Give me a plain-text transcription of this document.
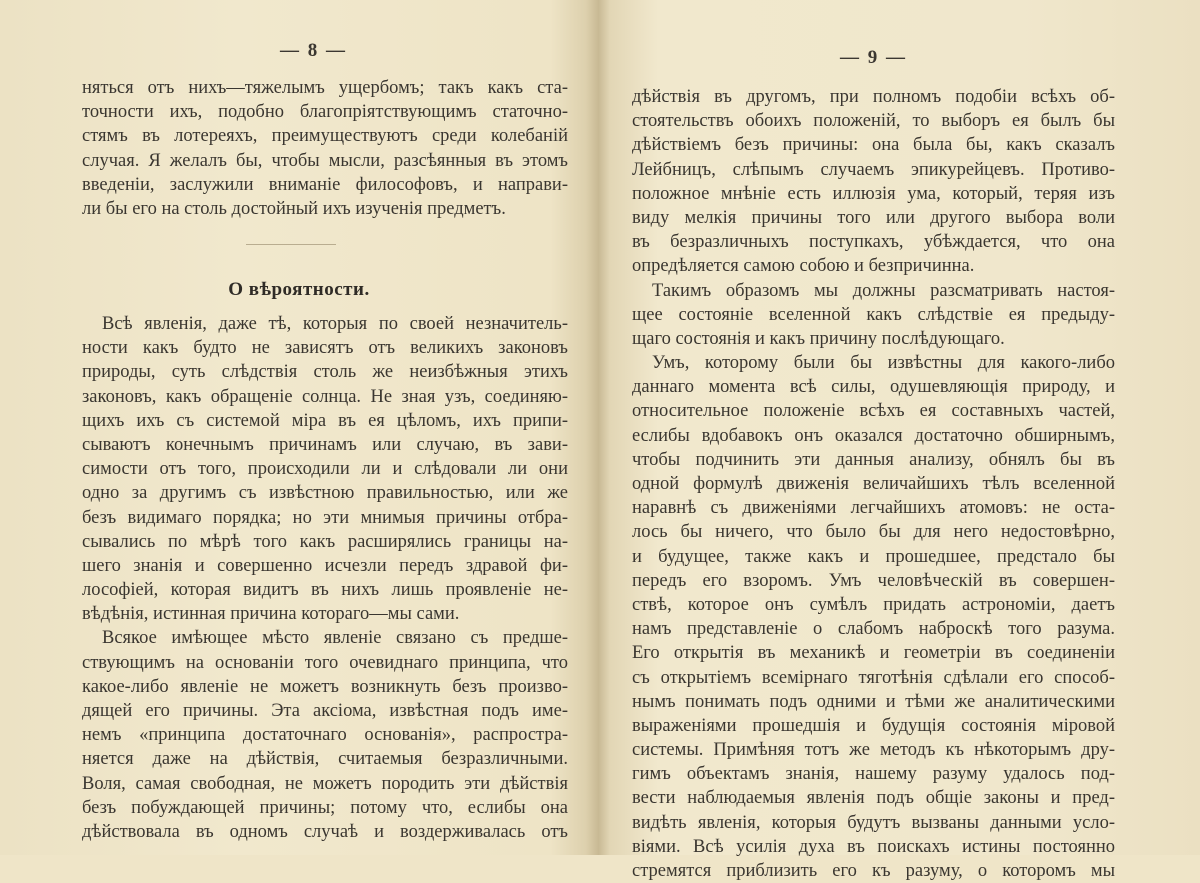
— 8 —
няться отъ нихъ—тяжелымъ ущербомъ; такъ какъ ста-
точности ихъ, подобно благопріятствующимъ статочно-
стямъ въ лотереяхъ, преимуществуютъ среди колебаній
случая. Я желалъ бы, чтобы мысли, разсѣянныя въ этомъ
введеніи, заслужили вниманіе философовъ, и направи-
ли бы его на столь достойный ихъ изученія предметъ.
О вѣроятности.
Всѣ явленія, даже тѣ, которыя по своей незначитель-
ности какъ будто не зависятъ отъ великихъ законовъ
природы, суть слѣдствія столь же неизбѣжныя этихъ
законовъ, какъ обращеніе солнца. Не зная узъ, соединяю-
щихъ ихъ съ системой міра въ ея цѣломъ, ихъ припи-
сываютъ конечнымъ причинамъ или случаю, въ зави-
симости отъ того, происходили ли и слѣдовали ли они
одно за другимъ съ извѣстною правильностью, или же
безъ видимаго порядка; но эти мнимыя причины отбра-
сывались по мѣрѣ того какъ расширялись границы на-
шего знанія и совершенно исчезли передъ здравой фи-
лософіей, которая видитъ въ нихъ лишь проявленіе не-
вѣдѣнія, истинная причина котораго—мы сами.
Всякое имѣющее мѣсто явленіе связано съ предше-
ствующимъ на основаніи того очевиднаго принципа, что
какое-либо явленіе не можетъ возникнуть безъ произво-
дящей его причины. Эта аксіома, извѣстная подъ име-
немъ «принципа достаточнаго основанія», распростра-
няется даже на дѣйствія, считаемыя безразличными.
Воля, самая свободная, не можетъ породить эти дѣйствія
безъ побуждающей причины; потому что, еслибы она
дѣйствовала въ одномъ случаѣ и воздерживалась отъ
— 9 —
дѣйствія въ другомъ, при полномъ подобіи всѣхъ об-
стоятельствъ обоихъ положеній, то выборъ ея былъ бы
дѣйствіемъ безъ причины: она была бы, какъ сказалъ
Лейбницъ, слѣпымъ случаемъ эпикурейцевъ. Противо-
положное мнѣніе есть иллюзія ума, который, теряя изъ
виду мелкія причины того или другого выбора воли
въ безразличныхъ поступкахъ, убѣждается, что она
опредѣляется самою собою и безпричинна.
Такимъ образомъ мы должны разсматривать настоя-
щее состояніе вселенной какъ слѣдствіе ея предыду-
щаго состоянія и какъ причину послѣдующаго.
Умъ, которому были бы извѣстны для какого-либо
даннаго момента всѣ силы, одушевляющія природу, и
относительное положеніе всѣхъ ея составныхъ частей,
еслибы вдобавокъ онъ оказался достаточно обширнымъ,
чтобы подчинить эти данныя анализу, обнялъ бы въ
одной формулѣ движенія величайшихъ тѣлъ вселенной
наравнѣ съ движеніями легчайшихъ атомовъ: не оста-
лось бы ничего, что было бы для него недостовѣрно,
и будущее, также какъ и прошедшее, предстало бы
передъ его взоромъ. Умъ человѣческій въ совершен-
ствѣ, которое онъ сумѣлъ придать астрономіи, даетъ
намъ представленіе о слабомъ наброскѣ того разума.
Его открытія въ механикѣ и геометріи въ соединеніи
съ открытіемъ всемірнаго тяготѣнія сдѣлали его способ-
нымъ понимать подъ одними и тѣми же аналитическими
выраженіями прошедшія и будущія состоянія міровой
системы. Примѣняя тотъ же методъ къ нѣкоторымъ дру-
гимъ объектамъ знанія, нашему разуму удалось под-
вести наблюдаемыя явленія подъ общіе законы и пред-
видѣть явленія, которыя будутъ вызваны данными усло-
віями. Всѣ усилія духа въ поискахъ истины постоянно
стремятся приблизить его къ разуму, о которомъ мы
